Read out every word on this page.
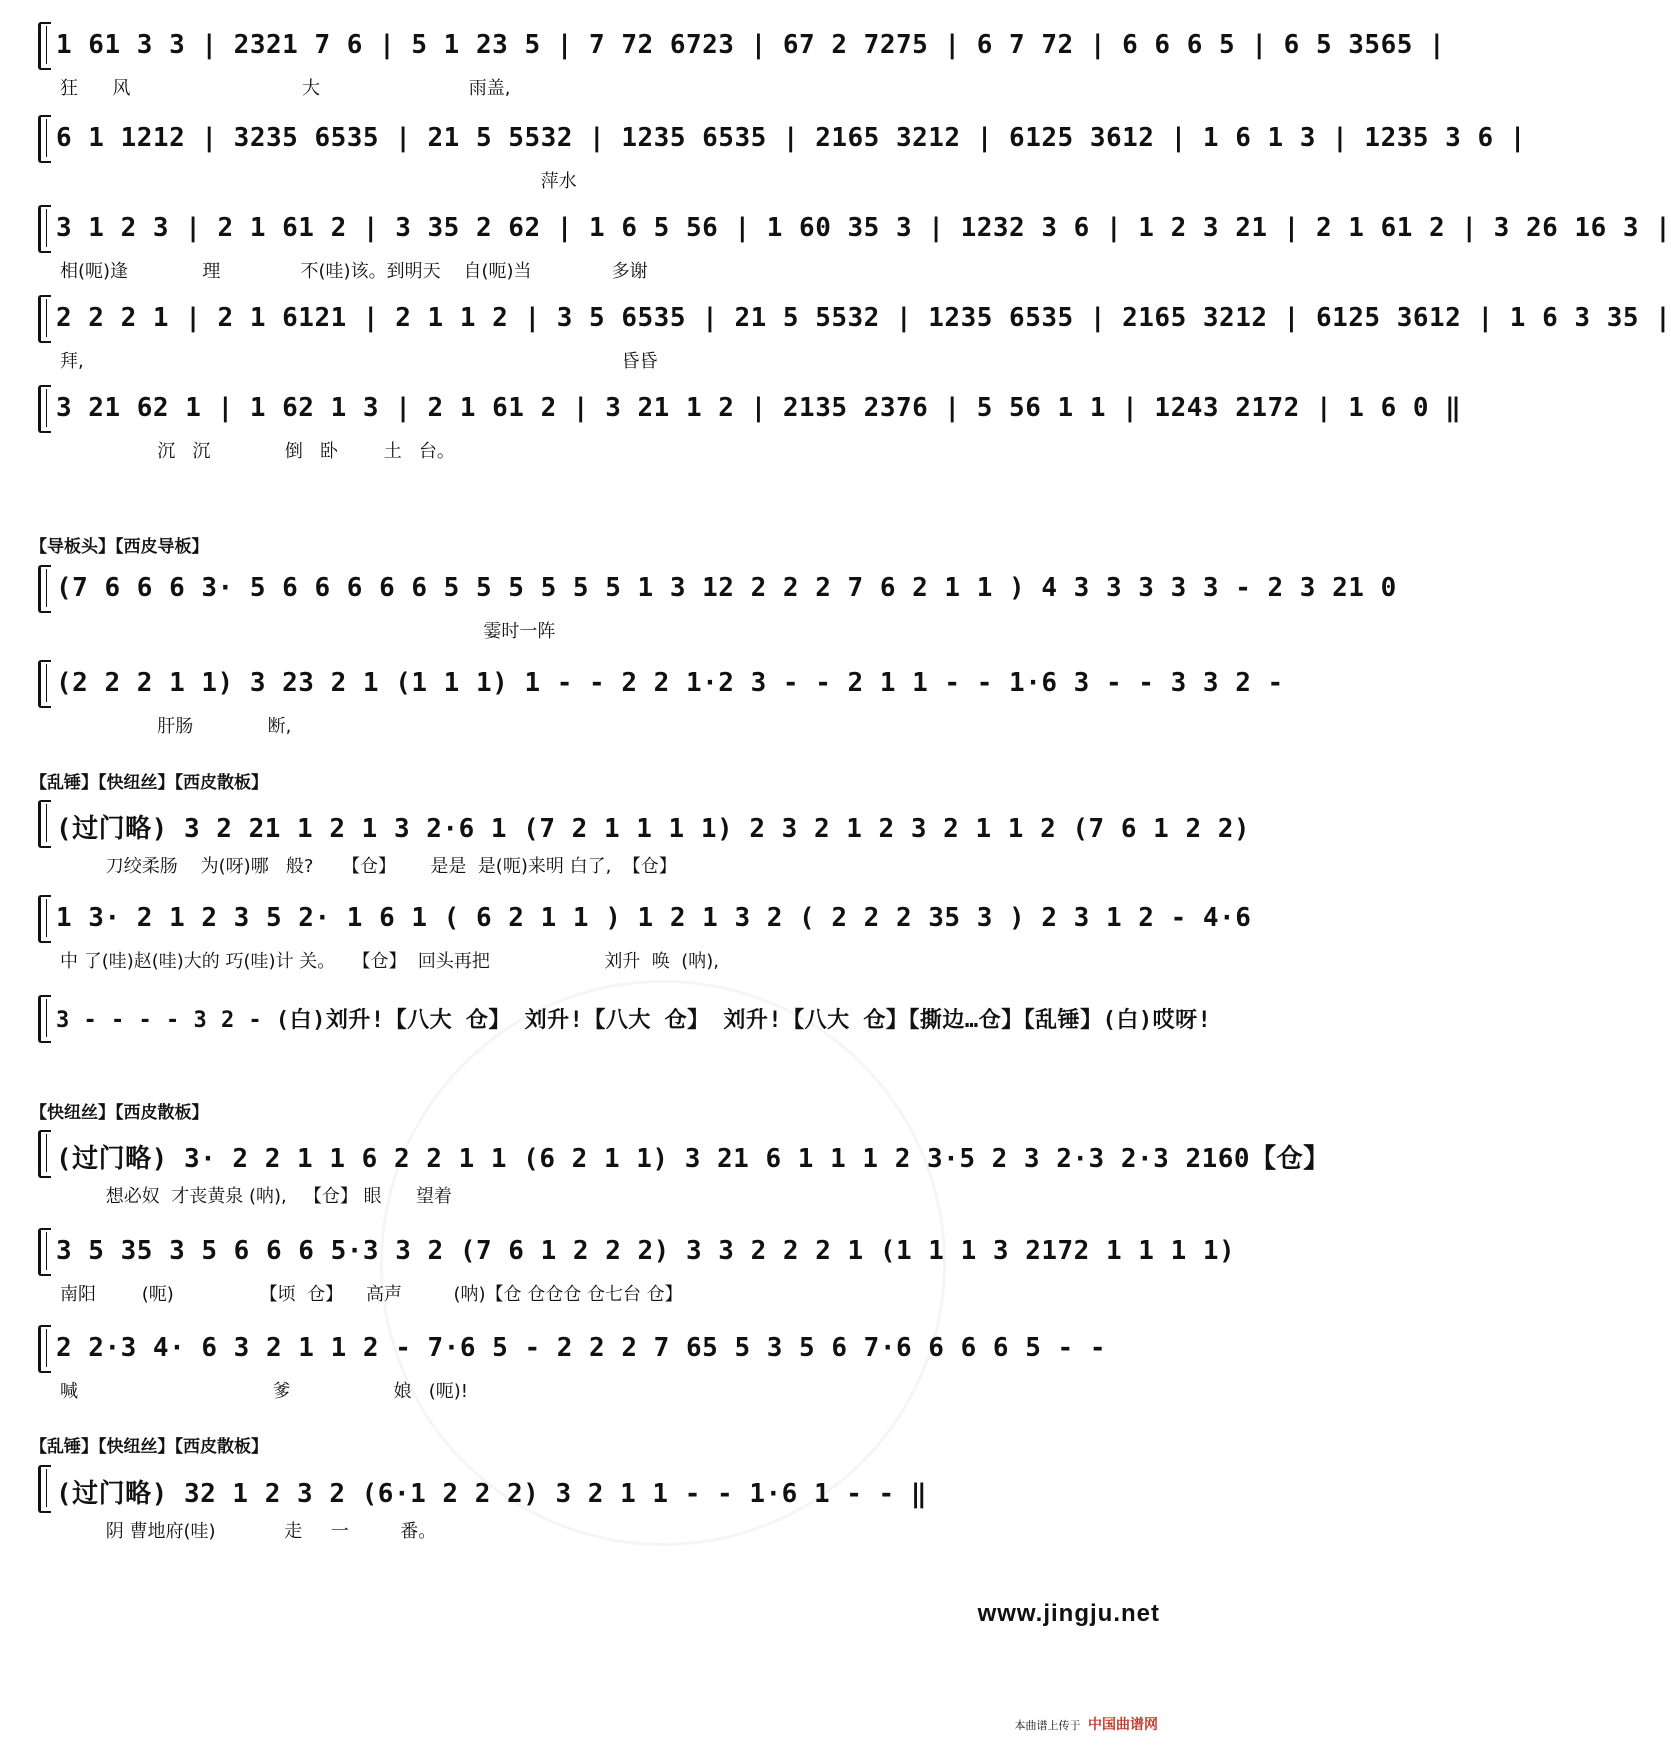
1 61 3 3 | 2321 7 6 | 5 1 23 5 | 7 72 6723 | 67 2 7275 | 6 7 72 | 6 6 6 5 | 6 5 3565 |
狂      风                              大                          雨盖,
6 1 1212 | 3235 6535 | 21 5 5532 | 1235 6535 | 2165 3212 | 6125 3612 | 1 6 1 3 | 1235 3 6 |
萍水
3 1 2 3 | 2 1 61 2 | 3 35 2 62 | 1 6 5 56 | 1 60 35 3 | 1232 3 6 | 1 2 3 21 | 2 1 61 2 | 3 26 16 3 |
相(呃)逢             理              不(哇)该。到明天    自(呃)当              多谢
2 2 2 1 | 2 1 6121 | 2 1 1 2 | 3 5 6535 | 21 5 5532 | 1235 6535 | 2165 3212 | 6125 3612 | 1 6 3 35 |
拜,                                                                                              昏昏
3 21 62 1 | 1 62 1 3 | 2 1 61 2 | 3 21 1 2 | 2135 2376 | 5 56 1 1 | 1243 2172 | 1 6 0 ‖
沉   沉             倒   卧        土   台。
【导板头】【西皮导板】
(7 6 6 6 3· 5 6 6 6 6 6 5 5 5 5 5 5 1 3 12 2 2 2 7 6 2 1 1 ) 4 3 3 3 3 3 - 2 3 21 0
霎时一阵
(2 2 2 1 1) 3 23 2 1 (1 1 1) 1 - - 2 2 1·2 3 - - 2 1 1 - - 1·6 3 - - 3 3 2 -
肝肠             断,
【乱锤】【快纽丝】【西皮散板】
(过门略) 3 2 21 1 2 1 3 2·6 1 (7 2 1 1 1 1) 2 3 2 1 2 3 2 1 1 2 (7 6 1 2 2)
刀绞柔肠    为(呀)哪   般?     【仓】      是是  是(呃)来明 白了,  【仓】
1 3· 2 1 2 3 5 2· 1 6 1 ( 6 2 1 1 ) 1 2 1 3 2 ( 2 2 2 35 3 ) 2 3 1 2 - 4·6
中 了(哇)赵(哇)大的 巧(哇)计 关。   【仓】  回头再把                    刘升  唤  (呐),
3 - - - - 3 2 - (白)刘升!【八大 仓】 刘升!【八大 仓】 刘升!【八大 仓】【撕边…仓】【乱锤】(白)哎呀!
【快纽丝】【西皮散板】
(过门略) 3· 2 2 1 1 6 2 2 1 1 (6 2 1 1) 3 21 6 1 1 1 2 3·5 2 3 2·3 2·3 2160【仓】
想必奴  才丧黄泉 (呐),   【仓】 眼      望着
3 5 35 3 5 6 6 6 5·3 3 2 (7 6 1 2 2 2) 3 3 2 2 2 1 (1 1 1 3 2172 1 1 1 1)
南阳        (呃)               【顷  仓】    高声         (呐)【仓 仓仓仓 仓七台 仓】
2 2·3 4· 6 3 2 1 1 2 - 7·6 5 - 2 2 2 7 65 5 3 5 6 7·6 6 6 6 5 - -
喊                                  爹                  娘   (呃)!
【乱锤】【快纽丝】【西皮散板】
(过门略) 32 1 2 3 2 (6·1 2 2 2) 3 2 1 1 - - 1·6 1 - - ‖
阴 曹地府(哇)            走     一         番。
www.jingju.net
本曲谱上传于 中国曲谱网
